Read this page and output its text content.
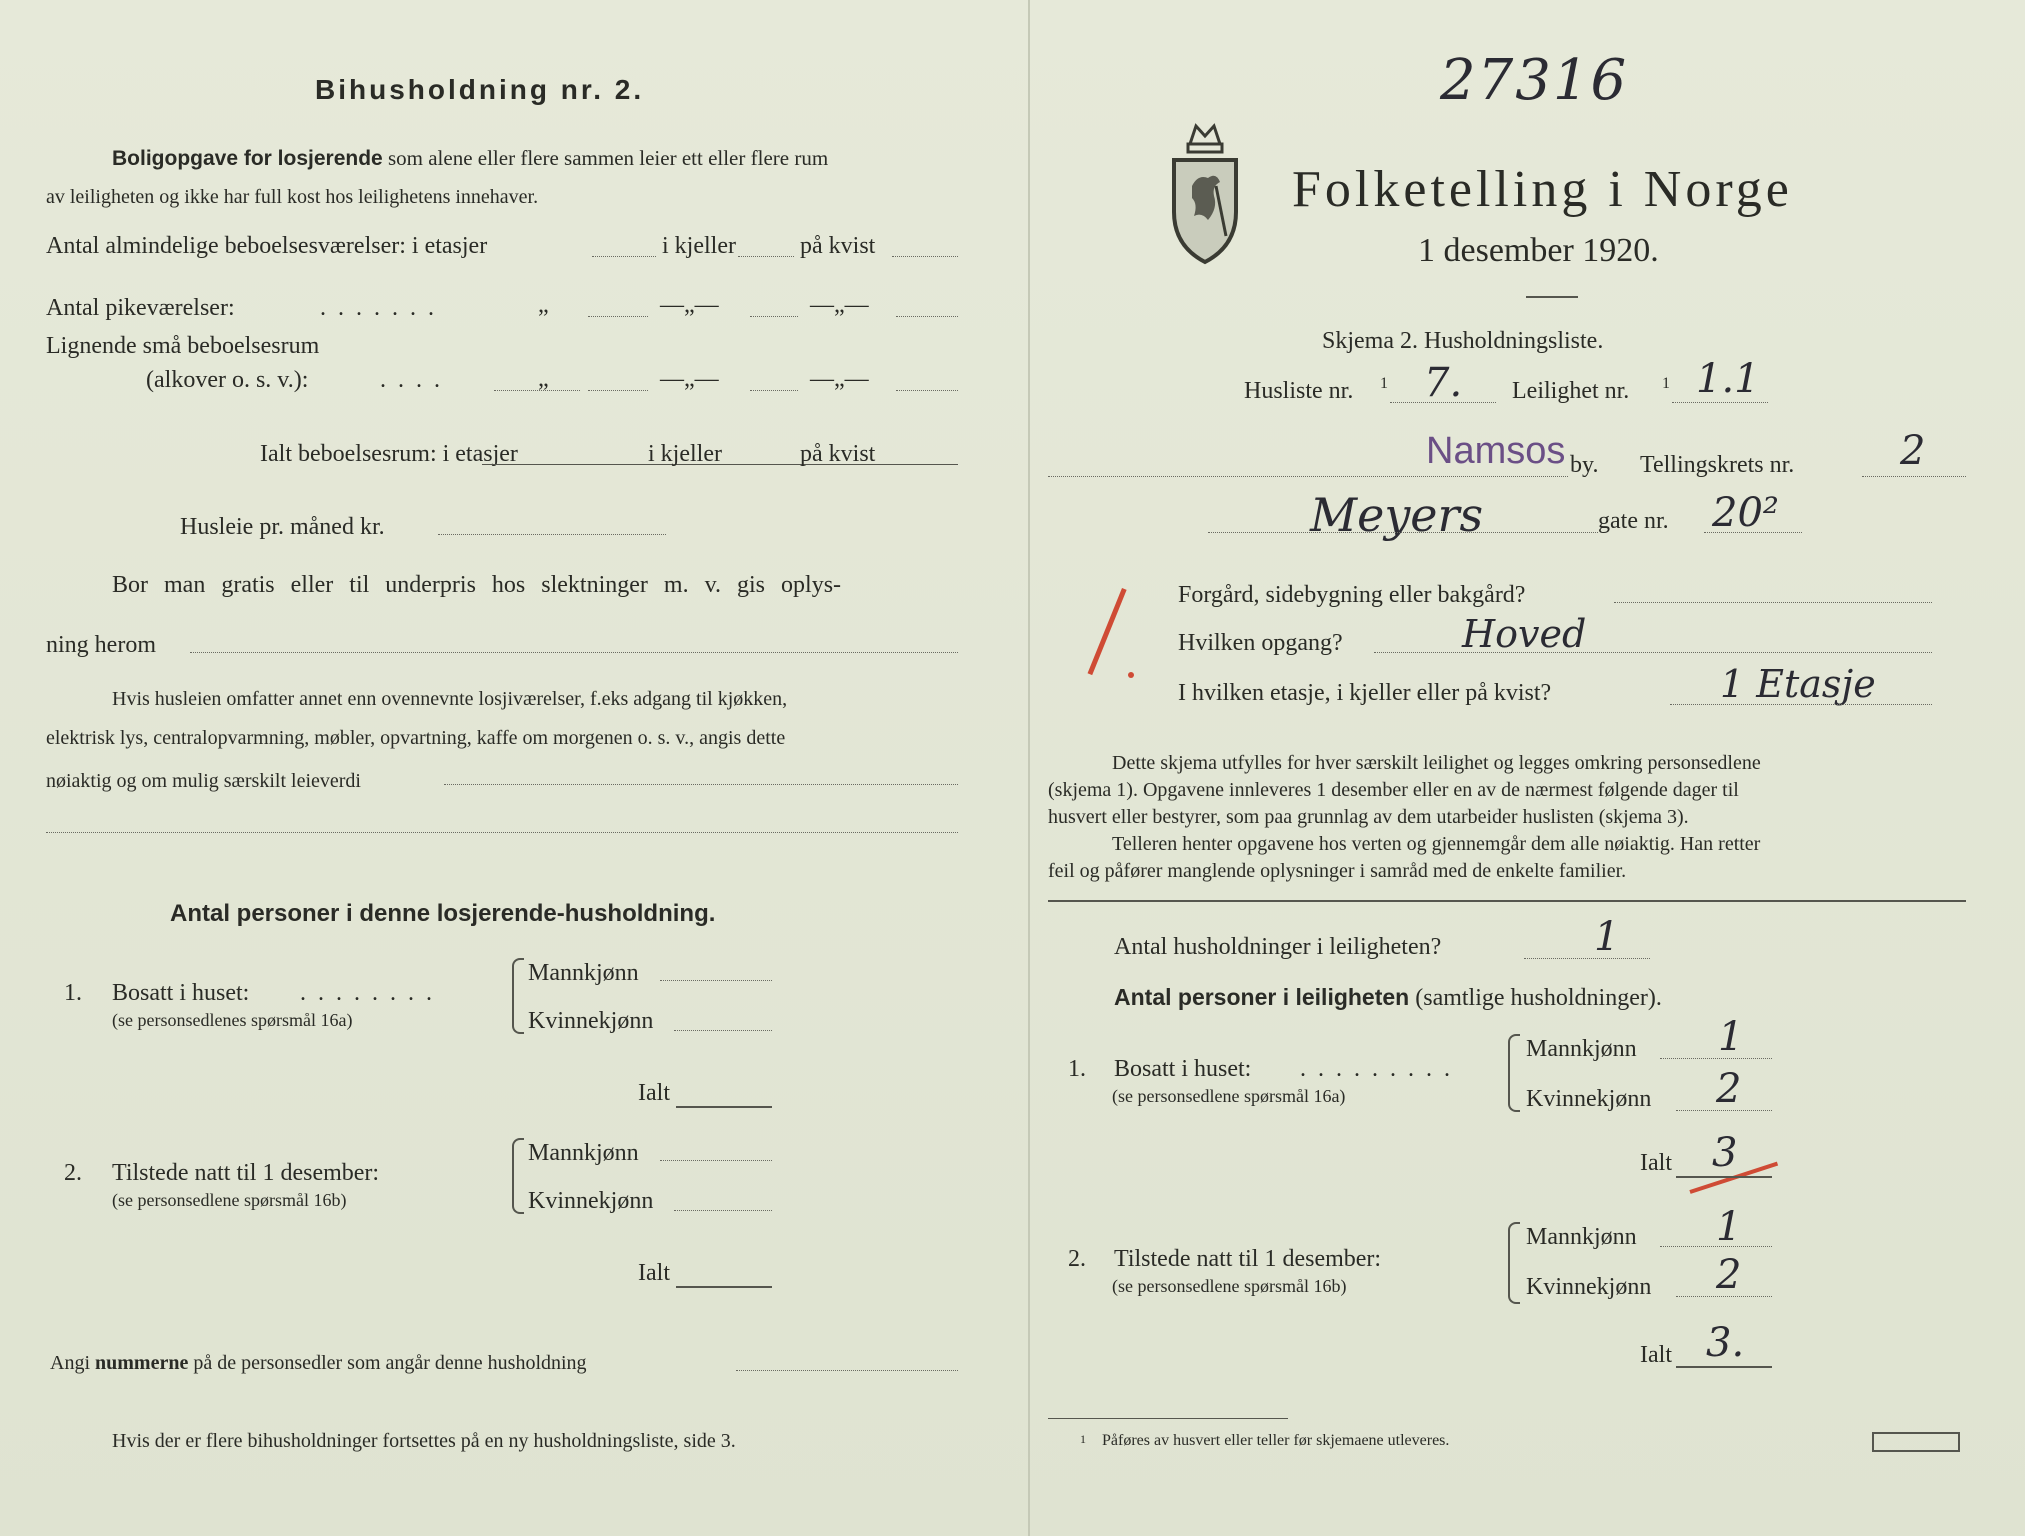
Bihusholdning nr. 2.
Boligopgave for losjerende som alene eller flere sammen leier ett eller flere rum
av leiligheten og ikke har full kost hos leilighetens innehaver.
Antal almindelige beboelsesværelser: i etasjer	i kjeller	på kvist
Antal pikeværelser:	.......	„	—„—	—„—
Lignende små beboelsesrum
(alkover o. s. v.):	....	„	—„—	—„—
Ialt beboelsesrum: i etasjer	i kjeller	på kvist
Husleie pr. måned kr.
Bor man gratis eller til underpris hos slektninger m. v. gis oplys-
ning herom
Hvis husleien omfatter annet enn ovennevnte losjiværelser, f.eks adgang til kjøkken,
elektrisk lys, centralopvarmning, møbler, opvartning, kaffe om morgenen o. s. v., angis dette
nøiaktig og om mulig særskilt leieverdi
Antal personer i denne losjerende-husholdning.
1. Bosatt i huset: ........
(se personsedlenes spørsmål 16a)
Mannkjønn
Kvinnekjønn
Ialt
2. Tilstede natt til 1 desember:
(se personsedlene spørsmål 16b)
Mannkjønn
Kvinnekjønn
Ialt
Angi nummerne på de personsedler som angår denne husholdning
Hvis der er flere bihusholdninger fortsettes på en ny husholdningsliste, side 3.
27316
Folketelling i Norge
1 desember 1920.
Skjema 2. Husholdningsliste.
Husliste nr. 1 7. Leilighet nr. 1 1.1
Namsos by. Tellingskrets nr.	2
Meyers	gate nr. 20²
Forgård, sidebygning eller bakgård?
Hvilken opgang?	Hoved
I hvilken etasje, i kjeller eller på kvist?	1 Etasje
Dette skjema utfylles for hver særskilt leilighet og legges omkring personsedlene
(skjema 1). Opgavene innleveres 1 desember eller en av de nærmest følgende dager til
husvert eller bestyrer, som paa grunnlag av dem utarbeider huslisten (skjema 3).
Telleren henter opgavene hos verten og gjennemgår dem alle nøiaktig. Han retter
feil og påfører manglende oplysninger i samråd med de enkelte familier.
Antal husholdninger i leiligheten?	1
Antal personer i leiligheten (samtlige husholdninger).
1. Bosatt i huset: .........
(se personsedlene spørsmål 16a)
Mannkjønn 1
Kvinnekjønn 2
Ialt 3
2. Tilstede natt til 1 desember:
(se personsedlene spørsmål 16b)
Mannkjønn 1
Kvinnekjønn 2
Ialt 3.
$^1$ Påføres av husvert eller teller før skjemaene utleveres.
